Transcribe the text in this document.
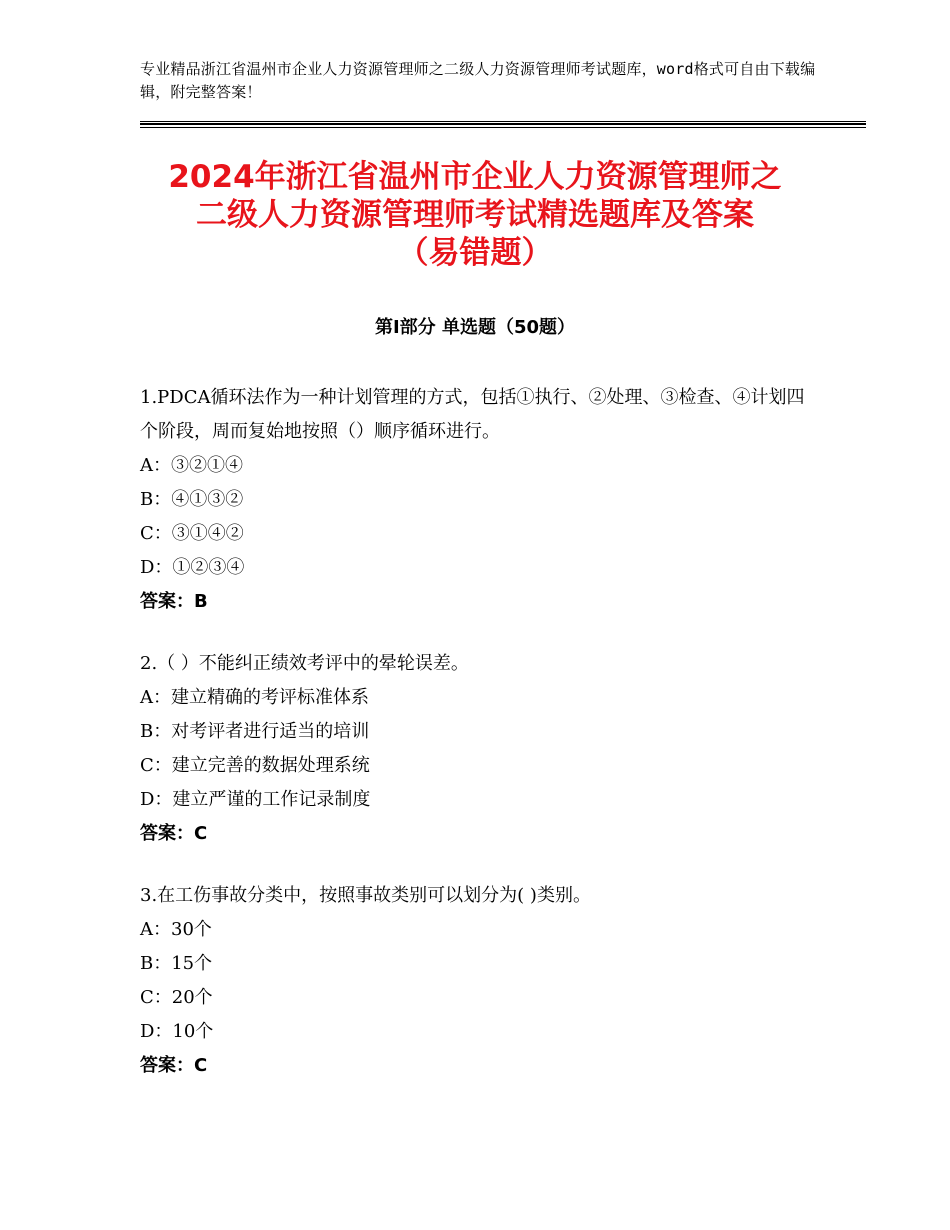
专业精品浙江省温州市企业人力资源管理师之二级人力资源管理师考试题库，word格式可自由下载编辑，附完整答案！
2024年浙江省温州市企业人力资源管理师之
二级人力资源管理师考试精选题库及答案
（易错题）
第Ⅰ部分 单选题（50题）
1.PDCA循环法作为一种计划管理的方式，包括①执行、②处理、③检查、④计划四个阶段，周而复始地按照（）顺序循环进行。
A：③②①④
B：④①③②
C：③①④②
D：①②③④
答案：B
2.（ ）不能纠正绩效考评中的晕轮误差。
A：建立精确的考评标准体系
B：对考评者进行适当的培训
C：建立完善的数据处理系统
D：建立严谨的工作记录制度
答案：C
3.在工伤事故分类中，按照事故类别可以划分为( )类别。
A：30个
B：15个
C：20个
D：10个
答案：C
